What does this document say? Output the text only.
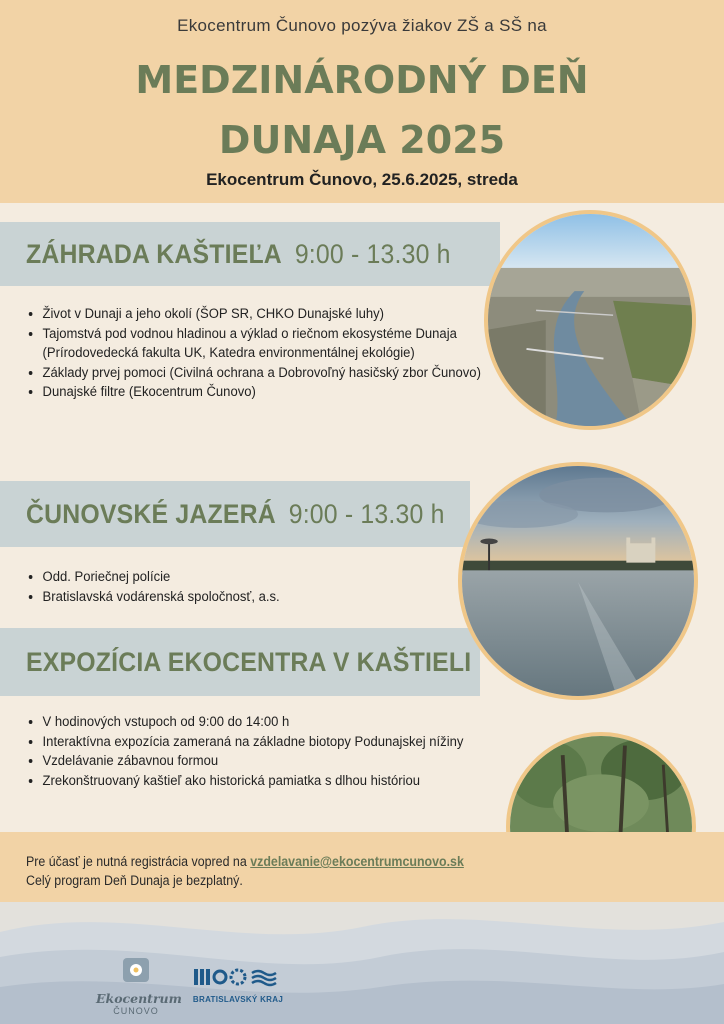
Ekocentrum Čunovo pozýva žiakov ZŠ a SŠ na
MEDZINÁRODNÝ DEŇ
DUNAJA 2025
Ekocentrum Čunovo, 25.6.2025, streda
ZÁHRADA KAŠTIEĽA 9:00 - 13.30 h
• Život v Dunaji a jeho okolí (ŠOP SR, CHKO Dunajské luhy)
• Tajomstvá pod vodnou hladinou a výklad o riečnom ekosystéme Dunaja (Prírodovedecká fakulta UK, Katedra environmentálnej ekológie)
• Základy prvej pomoci (Civilná ochrana a Dobrovoľný hasičský zbor Čunovo)
• Dunajské filtre (Ekocentrum Čunovo)
ČUNOVSKÉ JAZERÁ 9:00 - 13.30 h
• Odd. Poriečnej polície
• Bratislavská vodárenská spoločnosť, a.s.
EXPOZÍCIA EKOCENTRA V KAŠTIELI
• V hodinových vstupoch od 9:00 do 14:00 h
• Interaktívna expozícia zameraná na základne biotopy Podunajskej nížiny
• Vzdelávanie zábavnou formou
• Zrekonštruovaný kaštieľ ako historická pamiatka s dlhou históriou
Pre účasť je nutná registrácia vopred na vzdelavanie@ekocentrumcunovo.sk
Celý program Deň Dunaja je bezplatný.
Ekocentrum
ČUNOVO
BRATISLAVSKÝ KRAJ
